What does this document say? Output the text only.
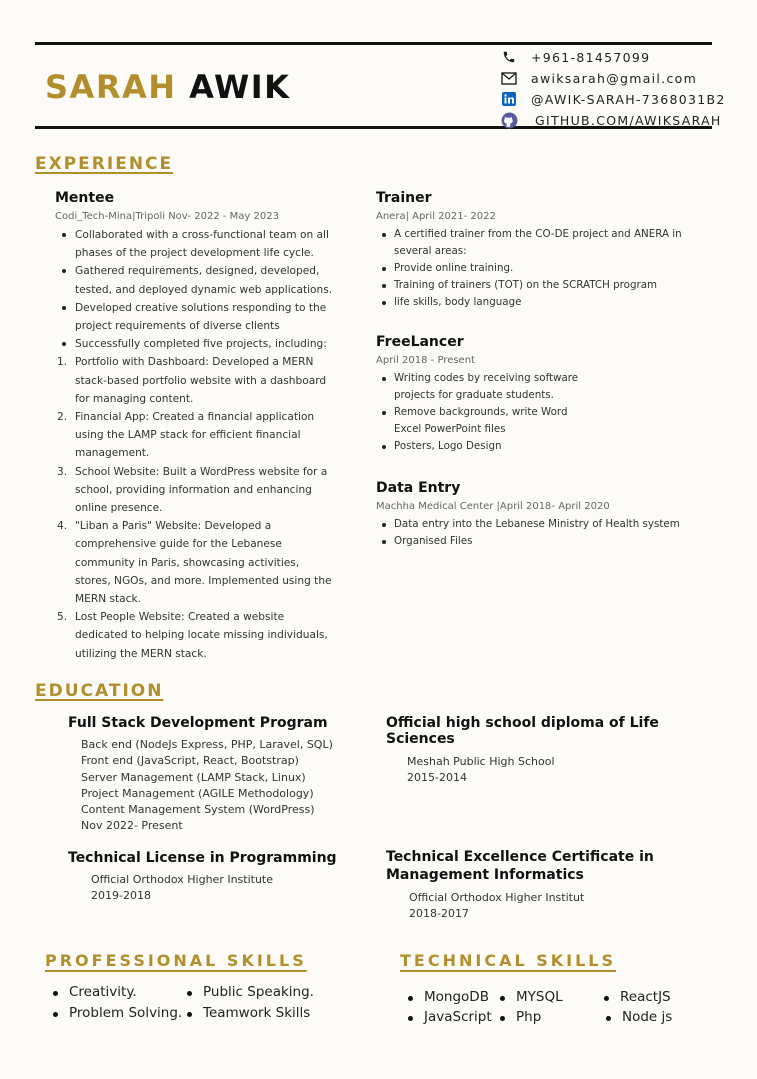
SARAH AWIK
+961-81457099
awiksarah@gmail.com
@AWIK-SARAH-7368031B2
GITHUB.COM/AWIKSARAH
EXPERIENCE
Mentee
Codi_Tech-Mina|Tripoli Nov- 2022 - May 2023
Collaborated with a cross-functional team on all phases of the project development life cycle.
Gathered requirements, designed, developed, tested, and deployed dynamic web applications.
Developed creative solutions responding to the project requirements of diverse clients
Successfully completed five projects, including:
1. Portfolio with Dashboard: Developed a MERN stack-based portfolio website with a dashboard for managing content.
2. Financial App: Created a financial application using the LAMP stack for efficient financial management.
3. School Website: Built a WordPress website for a school, providing information and enhancing online presence.
4. "Liban a Paris" Website: Developed a comprehensive guide for the Lebanese community in Paris, showcasing activities, stores, NGOs, and more. Implemented using the MERN stack.
5. Lost People Website: Created a website dedicated to helping locate missing individuals, utilizing the MERN stack.
Trainer
Anera| April 2021- 2022
A certified trainer from the CO-DE project and ANERA in several areas:
Provide online training.
Training of trainers (TOT) on the SCRATCH program
life skills, body language
FreeLancer
April 2018 - Present
Writing codes by receiving software projects for graduate students.
Remove backgrounds, write Word Excel PowerPoint files
Posters, Logo Design
Data Entry
Machha Medical Center |April 2018- April 2020
Data entry into the Lebanese Ministry of Health system
Organised Files
EDUCATION
Full Stack Development Program
Back end (NodeJs Express, PHP, Laravel, SQL)
Front end (JavaScript, React, Bootstrap)
Server Management (LAMP Stack, Linux)
Project Management (AGILE Methodology)
Content Management System (WordPress)
Nov 2022- Present
Official high school diploma of Life Sciences
Meshah Public High School
2015-2014
Technical License in Programming
Official Orthodox Higher Institute
2019-2018
Technical Excellence Certificate in Management Informatics
Official Orthodox Higher Institut
2018-2017
PROFESSIONAL SKILLS
Creativity.	Public Speaking.
Problem Solving.	Teamwork Skills
TECHNICAL SKILLS
MongoDB	MYSQL	ReactJS
JavaScript	Php	Node js
